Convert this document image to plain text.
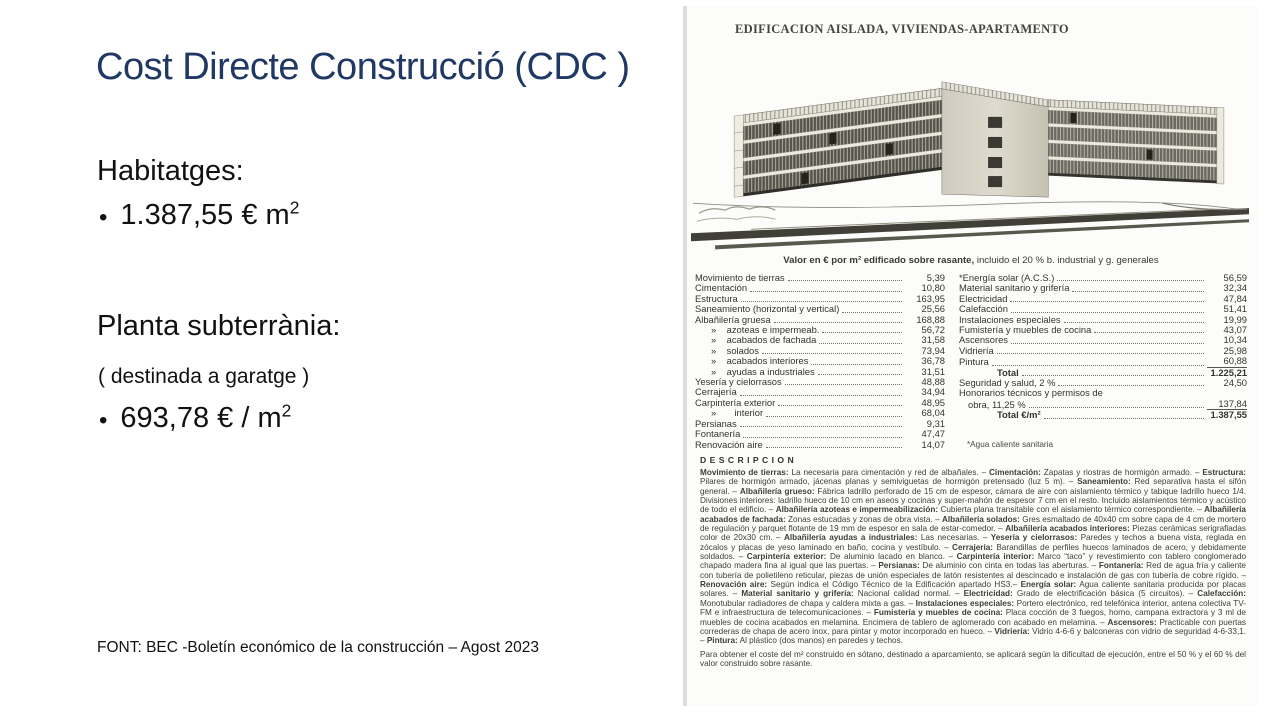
Cost Directe Construcció (CDC )

Habitatges:

• 1.387,55 € $m^2$

Planta subterrània:

( destinada a garatge )

• 693,78 € / $m^2$

FONT: BEC -Boletín económico de la construcción – Agost 2023

EDIFICACION AISLADA, VIVIENDAS-APARTAMENTO
Valor en € por m² edificado sobre rasante, incluido el 20 % b. industrial y g. generales
Movimiento de tierras	5,39
Cimentación	10,80
Estructura	163,95
Saneamiento (horizontal y vertical)	25,56
Albañilería gruesa	168,88
»    azoteas e impermeab.	56,72
»    acabados de fachada	31,58
»    solados	73,94
»    acabados interiores	36,78
»    ayudas a industriales	31,51
Yesería y cielorrasos	48,88
Cerrajería	34,94
Carpintería exterior	48,95
»       interior	68,04
Persianas	9,31
Fontanería	47,47
Renovación aire	14,07
*Energía solar (A.C.S.)	56,59
Material sanitario y grifería	32,34
Electricidad	47,84
Calefacción	51,41
Instalaciones especiales	19,99
Fumistería y muebles de cocina	43,07
Ascensores	10,34
Vidriería	25,98
Pintura	60,88
Total	1.225,21
Seguridad y salud, 2 %	24,50
Honorarios técnicos y permisos de
obra, 11,25 %	137,84
Total €/m²	1.387,55
*Agua caliente sanitaria
DESCRIPCION

Movimiento de tierras: La necesaria para cimentación y red de albañales. – Cimentación: Zapatas y riostras de hormigón armado. – Estructura: Pilares de hormigón armado, jácenas planas y semiviguetas de hormigón pretensado (luz 5 m). – Saneamiento: Red separativa hasta el sifón general. – Albañilería grueso: Fábrica ladrillo perforado de 15 cm de espesor, cámara de aire con aislamiento térmico y tabique ladrillo hueco 1/4. Divisiones interiores: ladrillo hueco de 10 cm en aseos y cocinas y super-mahón de espesor 7 cm en el resto. Incluido aislamientos térmico y acústico de todo el edificio. – Albañilería azoteas e impermeabilización: Cubierta plana transitable con el aislamiento térmico correspondiente. – Albañilería acabados de fachada: Zonas estucadas y zonas de obra vista. – Albañilería solados: Gres esmaltado de 40x40 cm sobre capa de 4 cm de mortero de regulación y parquet flotante de 19 mm de espesor en sala de estar-comedor. – Albañilería acabados interiores: Piezas cerámicas serigrafiadas color de 20x30 cm. – Albañilería ayudas a industriales: Las necesarias. – Yesería y cielorrasos: Paredes y techos a buena vista, reglada en zócalos y placas de yeso laminado en baño, cocina y vestíbulo. – Cerrajería: Barandillas de perfiles huecos laminados de acero, y debidamente soldados. – Carpintería exterior: De aluminio lacado en blanco. – Carpintería interior: Marco “taco” y revestimiento con tablero conglomerado chapado madera fina al igual que las puertas. – Persianas: De aluminio con cinta en todas las aberturas. – Fontanería: Red de agua fría y caliente con tubería de polietileno reticular, piezas de unión especiales de latón resistentes al descincado e instalación de gas con tubería de cobre rígido. – Renovación aire: Según indica el Código Técnico de la Edificación apartado HS3.– Energía solar: Agua caliente sanitaria producida por placas solares. – Material sanitario y grifería: Nacional calidad normal. – Electricidad: Grado de electrificación básica (5 circuitos). – Calefacción: Monotubular radiadores de chapa y caldera mixta a gas. – Instalaciones especiales: Portero electrónico, red telefónica interior, antena colectiva TV-FM e infraestructura de telecomunicaciones. – Fumistería y muebles de cocina: Placa cocción de 3 fuegos, horno, campana extractora y 3 ml de muebles de cocina acabados en melamina. Encimera de tablero de aglomerado con acabado en melamina. – Ascensores: Practicable con puertas correderas de chapa de acero inox, para pintar y motor incorporado en hueco. – Vidriería: Vidrio 4-6-6 y balconeras con vidrio de seguridad 4-6-33,1. – Pintura: Al plástico (dos manos) en paredes y techos.

Para obtener el coste del m² construido en sótano, destinado a aparcamiento, se aplicará según la dificultad de ejecución, entre el 50 % y el 60 % del valor construido sobre rasante.
